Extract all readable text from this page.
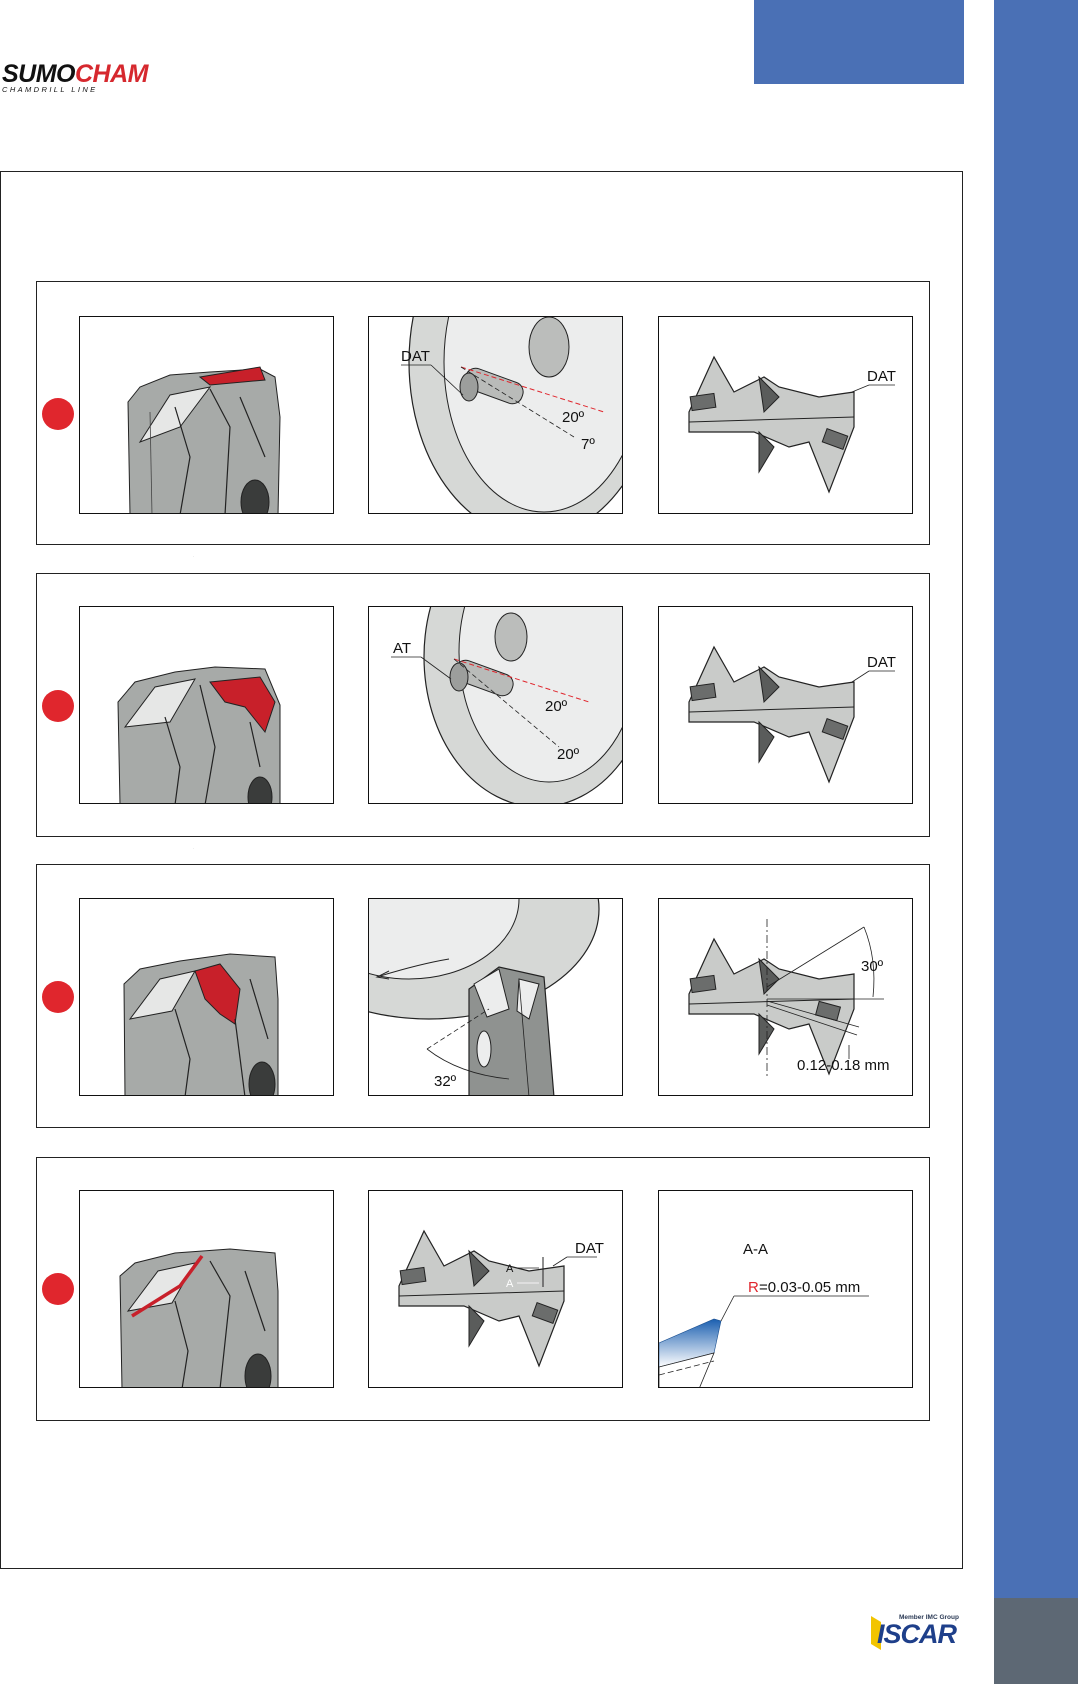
SUMOCHAM
CHAMDRILL LINE
.
.
DAT
20º
7º
DAT
AT
20º
20º
DAT
32º
30º
0.12-0.18 mm
A
A
DAT	A-A
R =0.03-0.05 mm
Member IMC Group
ISCAR
